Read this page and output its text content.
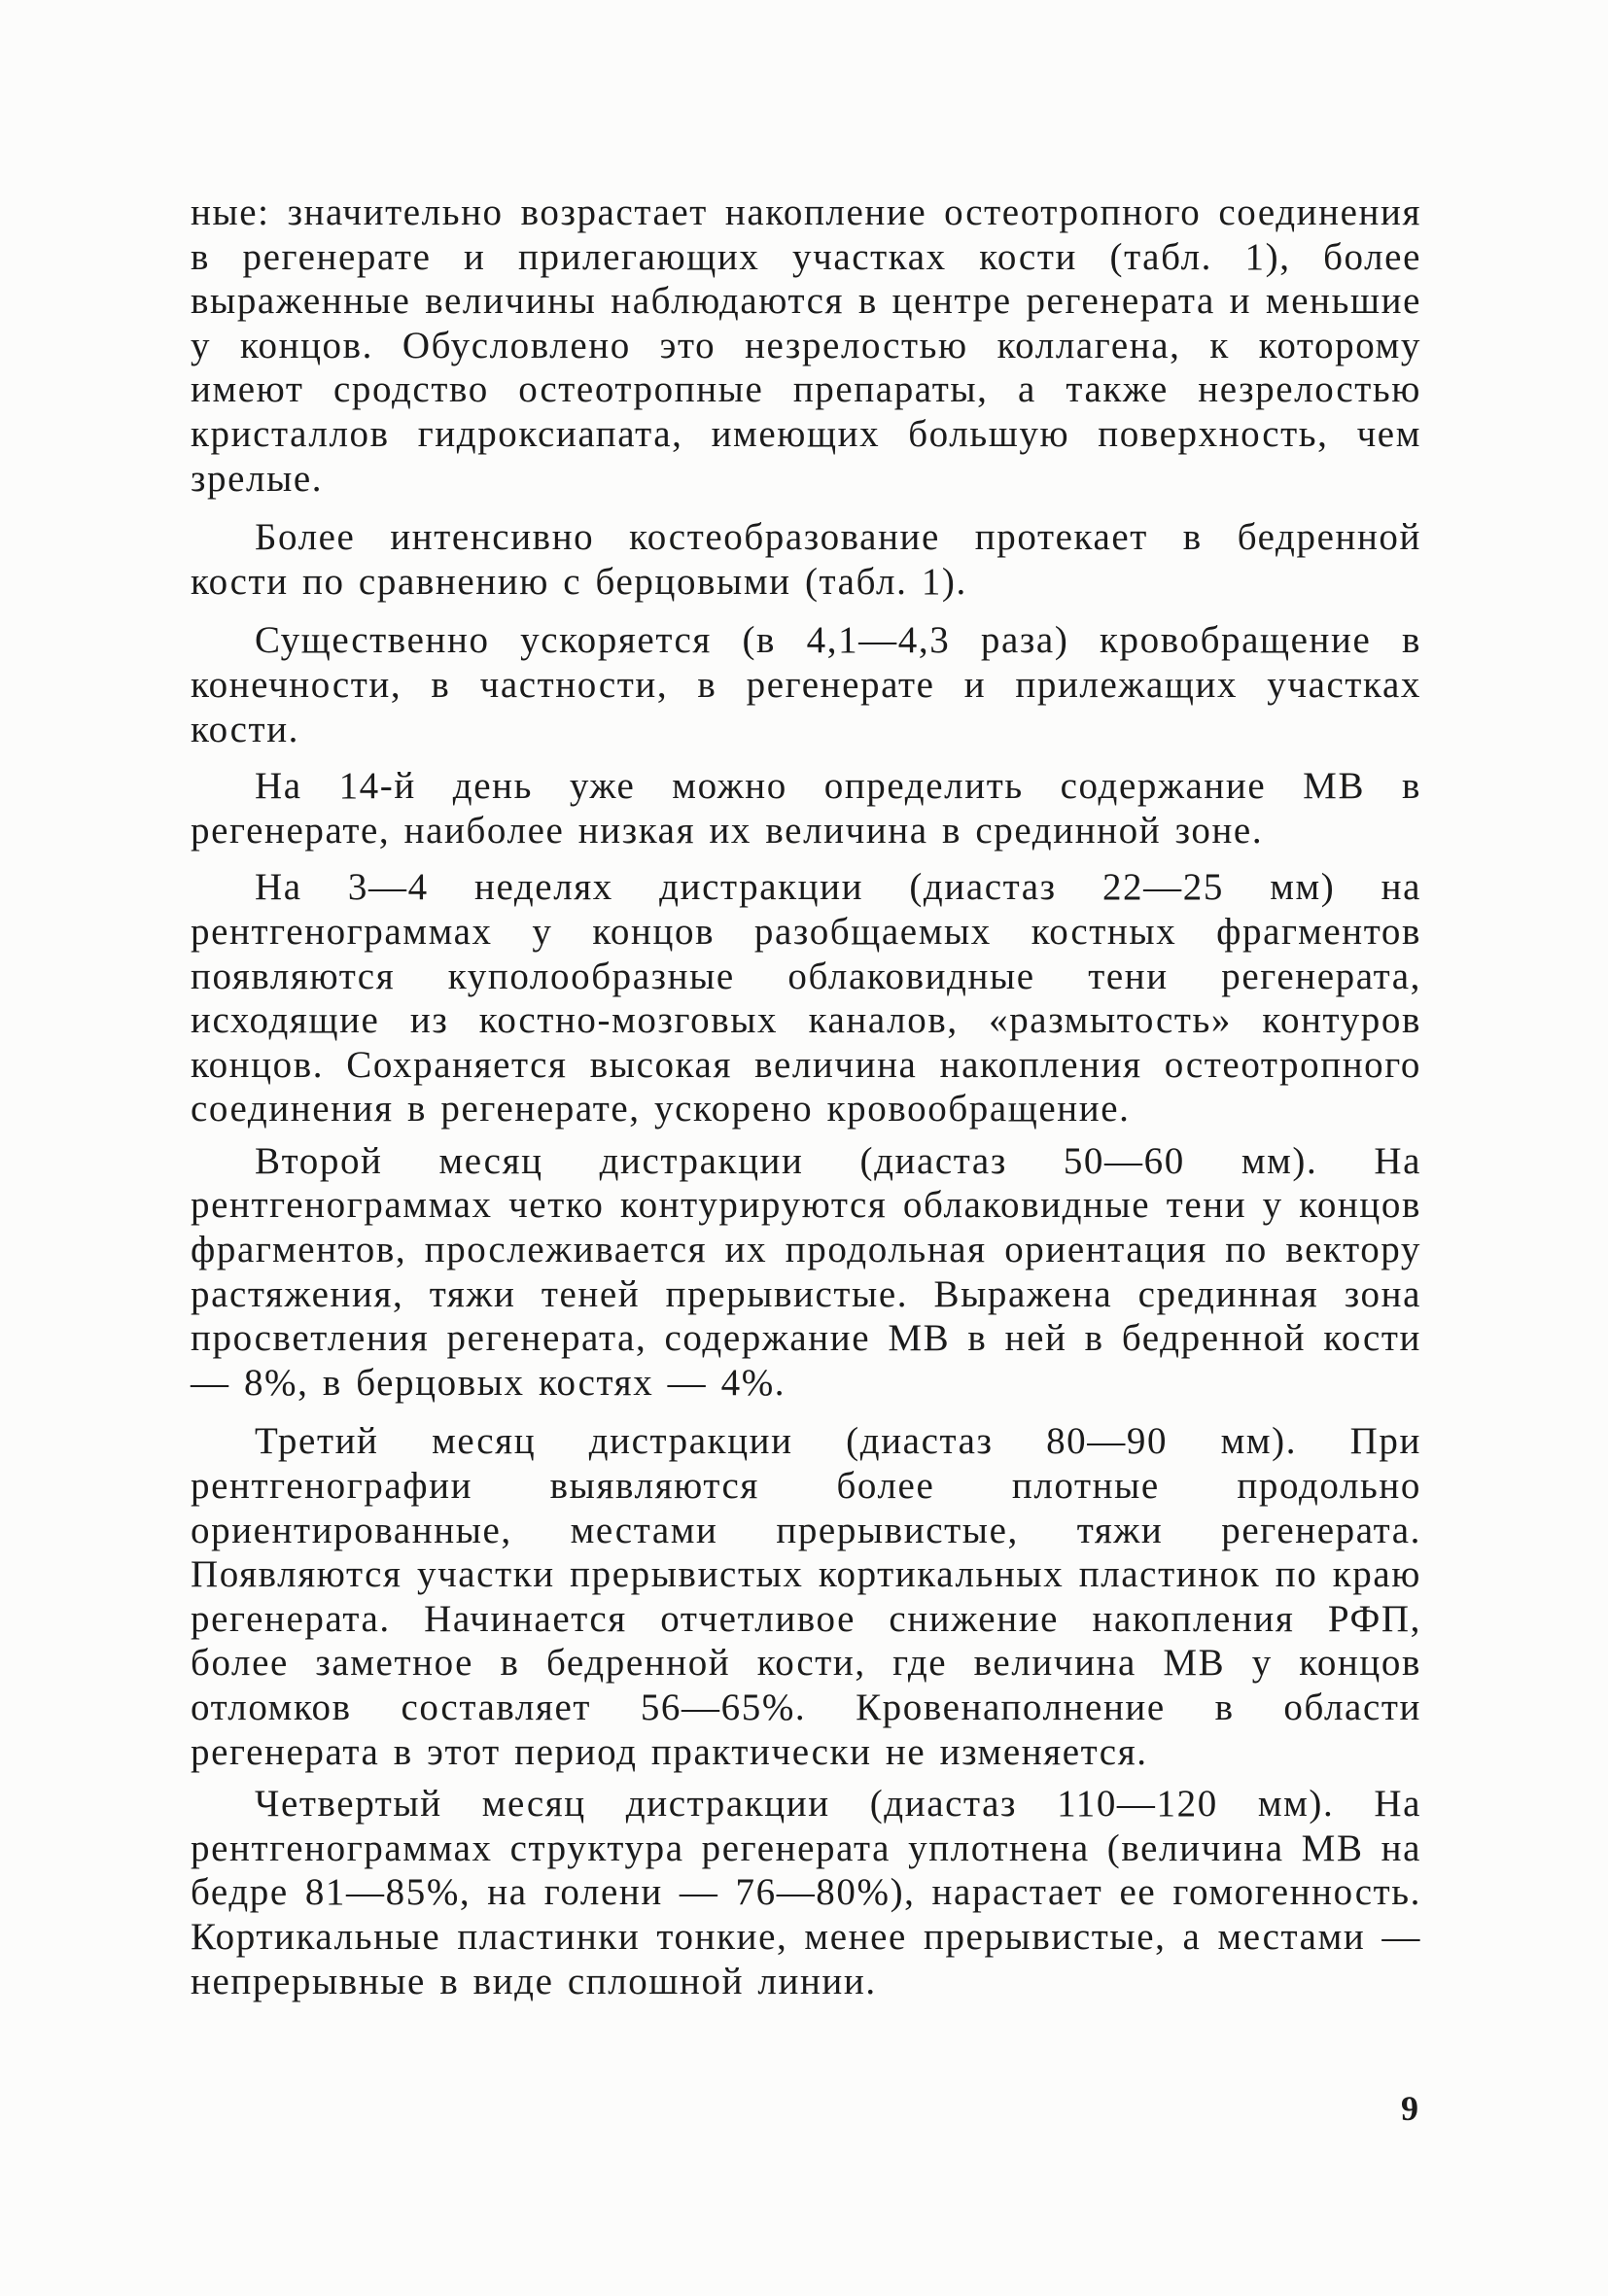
ные: значительно возрастает накопление остеотропного соединения в регенерате и прилегающих участках кости (табл. 1), более выраженные величины наблюдаются в центре регенерата и меньшие у концов. Обусловлено это незрелостью коллагена, к которому имеют сродство остеотропные препараты, а также незрелостью кристаллов гидроксиапата, имеющих большую поверхность, чем зрелые.

Более интенсивно костеобразование протекает в бедренной кости по сравнению с берцовыми (табл. 1).

Существенно ускоряется (в 4,1—4,3 раза) кровобращение в конечности, в частности, в регенерате и прилежащих участках кости.

На 14-й день уже можно определить содержание МВ в регенерате, наиболее низкая их величина в срединной зоне.

На 3—4 неделях дистракции (диастаз 22—25 мм) на рентгенограммах у концов разобщаемых костных фрагментов появляются куполообразные облаковидные тени регенерата, исходящие из костно-мозговых каналов, «размытость» контуров концов. Сохраняется высокая величина накопления остеотропного соединения в регенерате, ускорено кровообращение.

Второй месяц дистракции (диастаз 50—60 мм). На рентгенограммах четко контурируются облаковидные тени у концов фрагментов, прослеживается их продольная ориентация по вектору растяжения, тяжи теней прерывистые. Выражена срединная зона просветления регенерата, содержание МВ в ней в бедренной кости — 8%, в берцовых костях — 4%.

Третий месяц дистракции (диастаз 80—90 мм). При рентгенографии выявляются более плотные продольно ориентированные, местами прерывистые, тяжи регенерата. Появляются участки прерывистых кортикальных пластинок по краю регенерата. Начинается отчетливое снижение накопления РФП, более заметное в бедренной кости, где величина МВ у концов отломков составляет 56—65%. Кровенаполнение в области регенерата в этот период практически не изменяется.

Четвертый месяц дистракции (диастаз 110—120 мм). На рентгенограммах структура регенерата уплотнена (величина МВ на бедре 81—85%, на голени — 76—80%), нарастает ее гомогенность. Кортикальные пластинки тонкие, менее прерывистые, а местами — непрерывные в виде сплошной линии.

9
